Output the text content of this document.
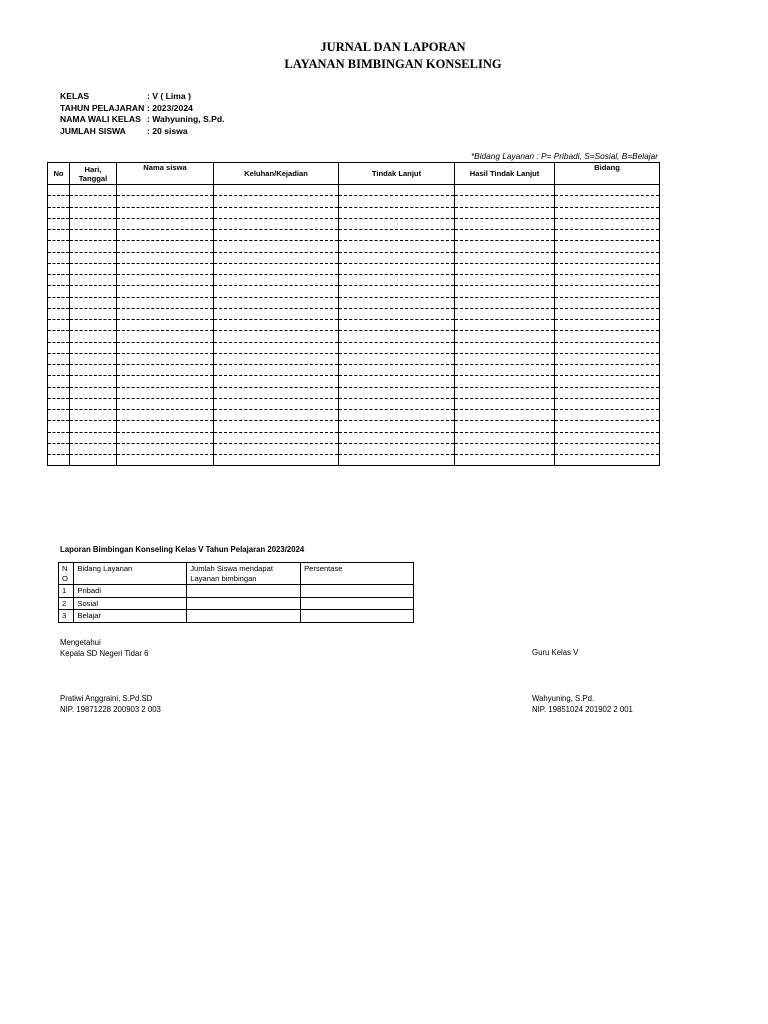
JURNAL DAN LAPORAN
LAYANAN BIMBINGAN KONSELING
KELAS	: V ( Lima )
TAHUN PELAJARAN : 2023/2024
NAMA WALI KELAS : Wahyuning, S.Pd.
JUMLAH SISWA	: 20 siswa
*Bidang Layanan : P= Pribadi, S=Sosial, B=Belajar
No	Hari, Tanggal	Nama siswa	Keluhan/Kejadian	Tindak Lanjut	Hasil Tindak Lanjut	Bidang

Laporan Bimbingan Konseling Kelas V Tahun Pelajaran 2023/2024
N O	Bidang Layanan	Jumlah Siswa mendapat Layanan bimbingan	Persentase
1	Pribadi		
2	Sosial		
3	Belajar		
Mengetahui
Kepala SD Negeri Tidar 6
Pratiwi Anggraini, S.Pd.SD
NIP. 19871228 200903 2 003
Guru Kelas V
Wahyuning, S.Pd.
NIP. 19851024 201902 2 001
